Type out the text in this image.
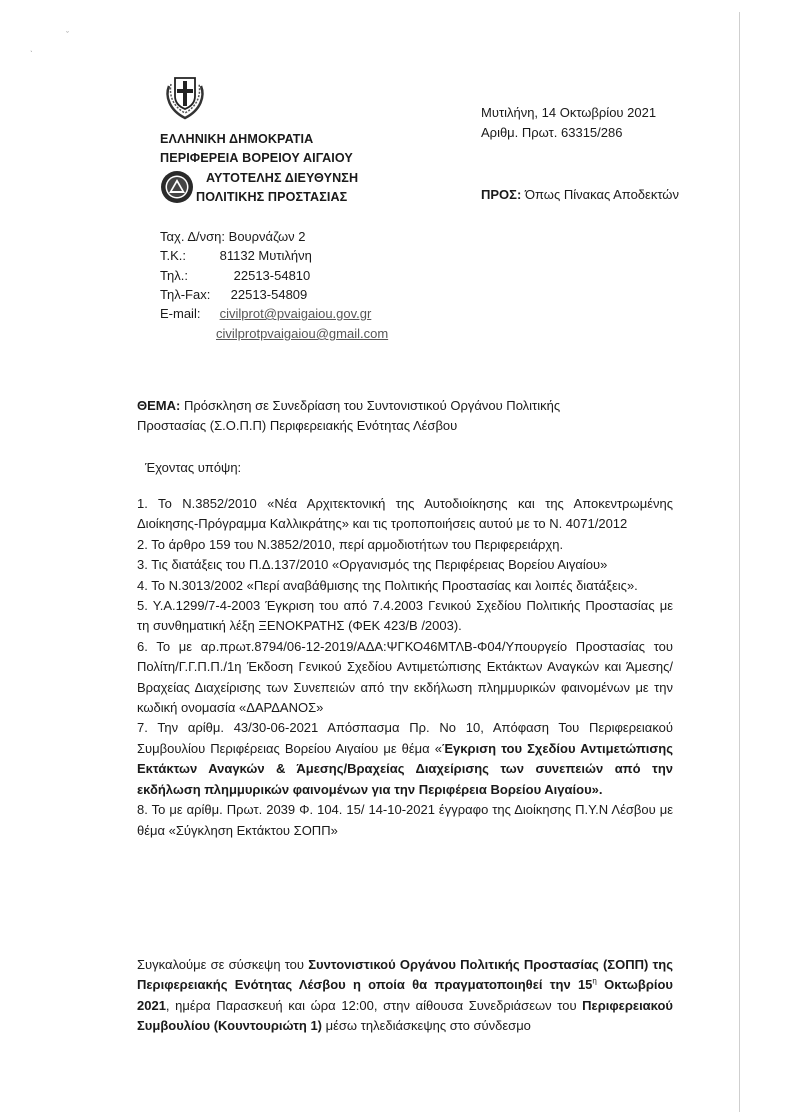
ˎ
ˇ
ΕΛΛΗΝΙΚΗ ΔΗΜΟΚΡΑΤΙΑ
ΠΕΡΙΦΕΡΕΙΑ ΒΟΡΕΙΟΥ ΑΙΓΑΙΟΥ
ΑΥΤΟΤΕΛΗΣ ΔΙΕΥΘΥΝΣΗ
ΠΟΛΙΤΙΚΗΣ ΠΡΟΣΤΑΣΙΑΣ
Μυτιλήνη, 14 Οκτωβρίου 2021
Αριθμ. Πρωτ. 63315/286
ΠΡΟΣ: Όπως Πίνακας Αποδεκτών
Ταχ. Δ/νση: Βουρνάζων 2
Τ.Κ.:	81132 Μυτιλήνη
Τηλ.:	22513-54810
Τηλ-Fax: 22513-54809
E-mail: civilprot@pvaigaiou.gov.gr
civilprotpvaigaiou@gmail.com
ΘΕΜΑ: Πρόσκληση σε Συνεδρίαση του Συντονιστικού Οργάνου Πολιτικής
Προστασίας (Σ.Ο.Π.Π) Περιφερειακής Ενότητας Λέσβου
Έχοντας υπόψη:
1. Το Ν.3852/2010 «Νέα Αρχιτεκτονική της Αυτοδιοίκησης και της Αποκεντρωμένης Διοίκησης-Πρόγραμμα Καλλικράτης» και τις τροποποιήσεις αυτού με το Ν. 4071/2012
2. Το άρθρο 159 του Ν.3852/2010, περί αρμοδιοτήτων του Περιφερειάρχη.
3. Τις διατάξεις του Π.Δ.137/2010 «Οργανισμός της Περιφέρειας Βορείου Αιγαίου»
4. Το Ν.3013/2002 «Περί αναβάθμισης της Πολιτικής Προστασίας και λοιπές διατάξεις».
5. Υ.Α.1299/7-4-2003 Έγκριση του από 7.4.2003 Γενικού Σχεδίου Πολιτικής Προστασίας με τη συνθηματική λέξη ΞΕΝΟΚΡΑΤΗΣ (ΦΕΚ 423/Β /2003).
6. Το με αρ.πρωτ.8794/06-12-2019/ΑΔΑ:ΨΓΚΟ46ΜΤΛΒ-Φ04/Υπουργείο Προστασίας του Πολίτη/Γ.Γ.Π.Π./1η Έκδοση Γενικού Σχεδίου Αντιμετώπισης Εκτάκτων Αναγκών και Άμεσης/Βραχείας Διαχείρισης των Συνεπειών από την εκδήλωση πλημμυρικών φαινομένων με την κωδική ονομασία «ΔΑΡΔΑΝΟΣ»
7. Την αρίθμ. 43/30-06-2021 Απόσπασμα Πρ. Νο 10, Απόφαση Του Περιφερειακού Συμβουλίου Περιφέρειας Βορείου Αιγαίου με θέμα «Έγκριση του Σχεδίου Αντιμετώπισης Εκτάκτων Αναγκών & Άμεσης/Βραχείας Διαχείρισης των συνεπειών από την εκδήλωση πλημμυρικών φαινομένων για την Περιφέρεια Βορείου Αιγαίου».
8. Το με αρίθμ. Πρωτ. 2039 Φ. 104. 15/ 14-10-2021 έγγραφο της Διοίκησης Π.Υ.Ν Λέσβου με θέμα «Σύγκληση Εκτάκτου ΣΟΠΠ»
Συγκαλούμε σε σύσκεψη του Συντονιστικού Οργάνου Πολιτικής Προστασίας (ΣΟΠΠ) της Περιφερειακής Ενότητας Λέσβου η οποία θα πραγματοποιηθεί την $15^\eta$ Οκτωβρίου 2021, ημέρα Παρασκευή και ώρα 12:00, στην αίθουσα Συνεδριάσεων του Περιφερειακού Συμβουλίου (Κουντουριώτη 1) μέσω τηλεδιάσκεψης στο σύνδεσμο
